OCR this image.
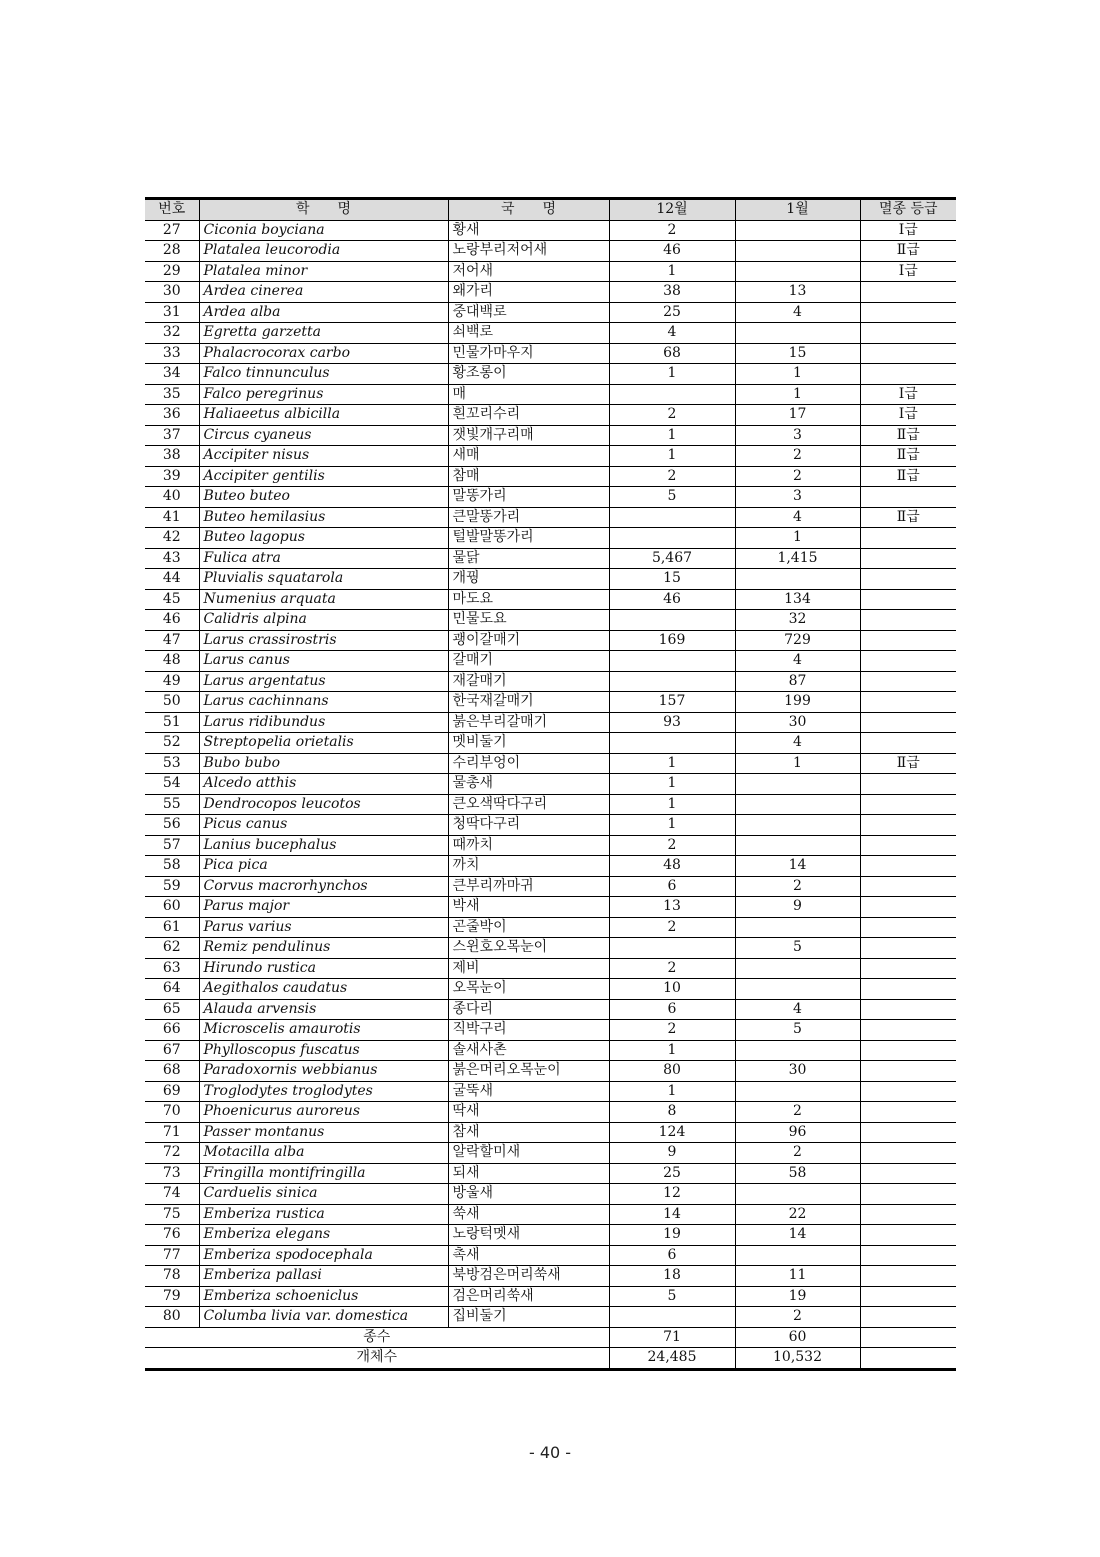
번호	학　　명	국　　명	12월	1월	멸종 등급
27	Ciconia boyciana	황새	2		Ⅰ급
28	Platalea leucorodia	노랑부리저어새	46		Ⅱ급
29	Platalea minor	저어새	1		Ⅰ급
30	Ardea cinerea	왜가리	38	13	
31	Ardea alba	중대백로	25	4	
32	Egretta garzetta	쇠백로	4		
33	Phalacrocorax carbo	민물가마우지	68	15	
34	Falco tinnunculus	황조롱이	1	1	
35	Falco peregrinus	매		1	Ⅰ급
36	Haliaeetus albicilla	흰꼬리수리	2	17	Ⅰ급
37	Circus cyaneus	잿빛개구리매	1	3	Ⅱ급
38	Accipiter nisus	새매	1	2	Ⅱ급
39	Accipiter gentilis	참매	2	2	Ⅱ급
40	Buteo buteo	말똥가리	5	3	
41	Buteo hemilasius	큰말똥가리		4	Ⅱ급
42	Buteo lagopus	털발말똥가리		1	
43	Fulica atra	물닭	5,467	1,415	
44	Pluvialis squatarola	개꿩	15		
45	Numenius arquata	마도요	46	134	
46	Calidris alpina	민물도요		32	
47	Larus crassirostris	괭이갈매기	169	729	
48	Larus canus	갈매기		4	
49	Larus argentatus	재갈매기		87	
50	Larus cachinnans	한국재갈매기	157	199	
51	Larus ridibundus	붉은부리갈매기	93	30	
52	Streptopelia orietalis	멧비둘기		4	
53	Bubo bubo	수리부엉이	1	1	Ⅱ급
54	Alcedo atthis	물총새	1		
55	Dendrocopos leucotos	큰오색딱다구리	1		
56	Picus canus	청딱다구리	1		
57	Lanius bucephalus	때까치	2		
58	Pica pica	까치	48	14	
59	Corvus macrorhynchos	큰부리까마귀	6	2	
60	Parus major	박새	13	9	
61	Parus varius	곤줄박이	2		
62	Remiz pendulinus	스윈호오목눈이		5	
63	Hirundo rustica	제비	2		
64	Aegithalos caudatus	오목눈이	10		
65	Alauda arvensis	종다리	6	4	
66	Microscelis amaurotis	직박구리	2	5	
67	Phylloscopus fuscatus	솔새사촌	1		
68	Paradoxornis webbianus	붉은머리오목눈이	80	30	
69	Troglodytes troglodytes	굴뚝새	1		
70	Phoenicurus auroreus	딱새	8	2	
71	Passer montanus	참새	124	96	
72	Motacilla alba	알락할미새	9	2	
73	Fringilla montifringilla	되새	25	58	
74	Carduelis sinica	방울새	12		
75	Emberiza rustica	쑥새	14	22	
76	Emberiza elegans	노랑턱멧새	19	14	
77	Emberiza spodocephala	촉새	6		
78	Emberiza pallasi	북방검은머리쑥새	18	11	
79	Emberiza schoeniclus	검은머리쑥새	5	19	
80	Columba livia var. domestica	집비둘기		2	
종수			71	60	
개체수			24,485	10,532	
- 40 -
